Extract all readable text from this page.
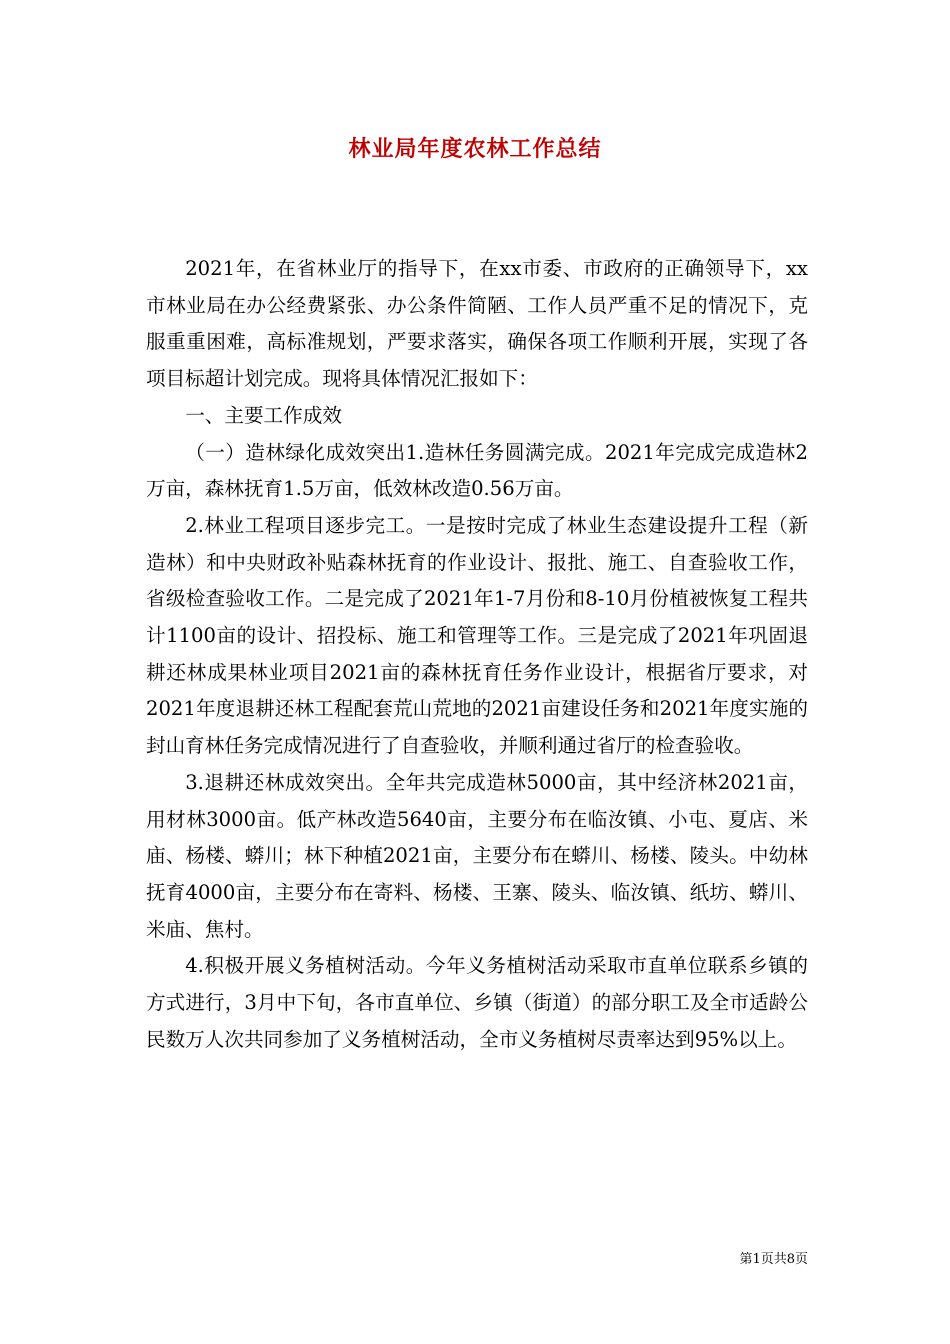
林业局年度农林工作总结

2021年，在省林业厅的指导下，在xx市委、市政府的正确领导下，xx市林业局在办公经费紧张、办公条件简陋、工作人员严重不足的情况下，克服重重困难，高标准规划，严要求落实，确保各项工作顺利开展，实现了各项目标超计划完成。现将具体情况汇报如下：

一、主要工作成效

（一）造林绿化成效突出1.造林任务圆满完成。2021年完成完成造林2万亩，森林抚育1.5万亩，低效林改造0.56万亩。

2.林业工程项目逐步完工。一是按时完成了林业生态建设提升工程（新造林）和中央财政补贴森林抚育的作业设计、报批、施工、自查验收工作，省级检查验收工作。二是完成了2021年1-7月份和8-10月份植被恢复工程共计1100亩的设计、招投标、施工和管理等工作。三是完成了2021年巩固退耕还林成果林业项目2021亩的森林抚育任务作业设计，根据省厅要求，对2021年度退耕还林工程配套荒山荒地的2021亩建设任务和2021年度实施的封山育林任务完成情况进行了自查验收，并顺利通过省厅的检查验收。

3.退耕还林成效突出。全年共完成造林5000亩，其中经济林2021亩，用材林3000亩。低产林改造5640亩，主要分布在临汝镇、小屯、夏店、米庙、杨楼、蟒川；林下种植2021亩，主要分布在蟒川、杨楼、陵头。中幼林抚育4000亩，主要分布在寄料、杨楼、王寨、陵头、临汝镇、纸坊、蟒川、米庙、焦村。

4.积极开展义务植树活动。今年义务植树活动采取市直单位联系乡镇的方式进行，3月中下旬，各市直单位、乡镇（街道）的部分职工及全市适龄公民数万人次共同参加了义务植树活动，全市义务植树尽责率达到95%以上。

第1页共8页
